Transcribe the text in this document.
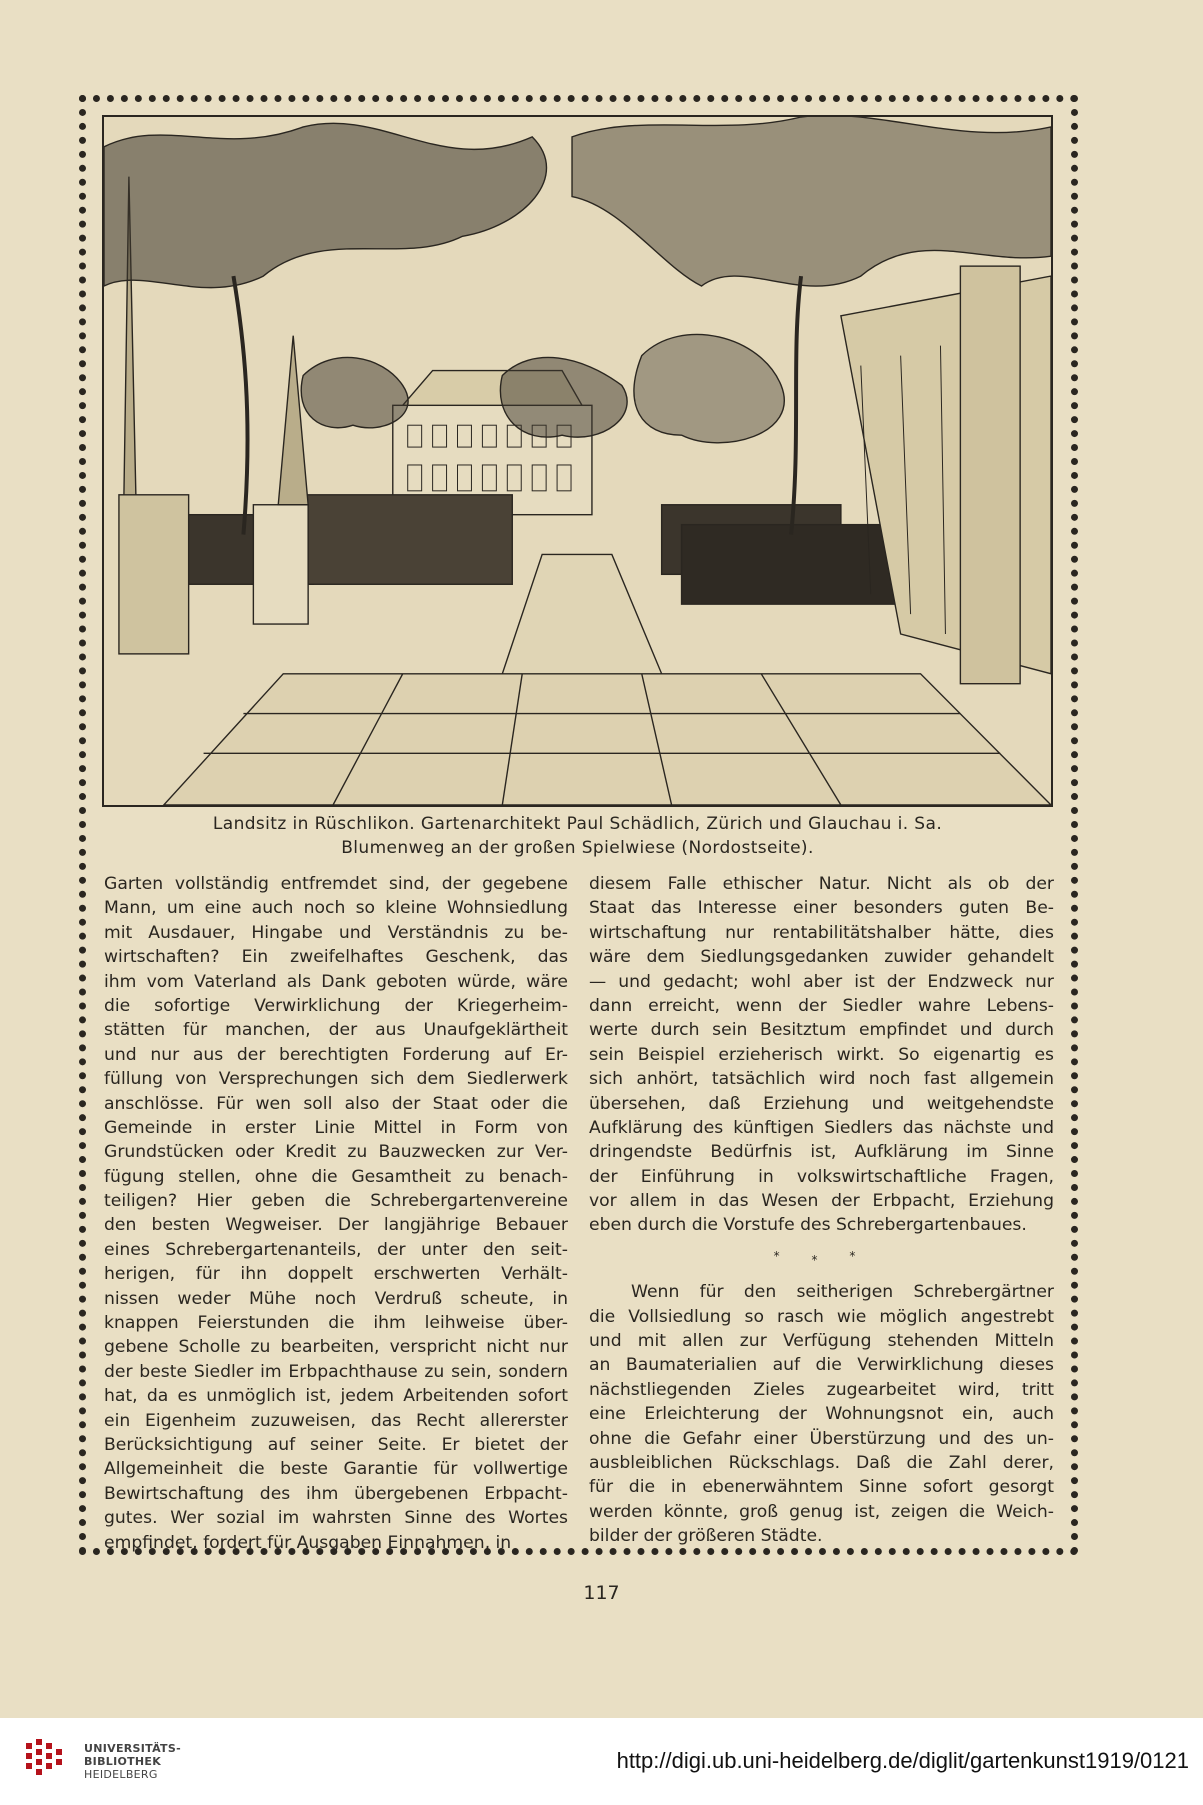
Landsitz in Rüschlikon. Gartenarchitekt Paul Schädlich, Zürich und Glauchau i. Sa.
Blumenweg an der großen Spielwiese (Nordostseite).
Garten vollständig entfremdet sind, der gegebene
Mann, um eine auch noch so kleine Wohnsiedlung
mit Ausdauer, Hingabe und Verständnis zu be-
wirtschaften? Ein zweifelhaftes Geschenk, das
ihm vom Vaterland als Dank geboten würde, wäre
die sofortige Verwirklichung der Kriegerheim-
stätten für manchen, der aus Unaufgeklärtheit
und nur aus der berechtigten Forderung auf Er-
füllung von Versprechungen sich dem Siedlerwerk
anschlösse. Für wen soll also der Staat oder die
Gemeinde in erster Linie Mittel in Form von
Grundstücken oder Kredit zu Bauzwecken zur Ver-
fügung stellen, ohne die Gesamtheit zu benach-
teiligen? Hier geben die Schrebergartenvereine
den besten Wegweiser. Der langjährige Bebauer
eines Schrebergartenanteils, der unter den seit-
herigen, für ihn doppelt erschwerten Verhält-
nissen weder Mühe noch Verdruß scheute, in
knappen Feierstunden die ihm leihweise über-
gebene Scholle zu bearbeiten, verspricht nicht nur
der beste Siedler im Erbpachthause zu sein, sondern
hat, da es unmöglich ist, jedem Arbeitenden sofort
ein Eigenheim zuzuweisen, das Recht allererster
Berücksichtigung auf seiner Seite. Er bietet der
Allgemeinheit die beste Garantie für vollwertige
Bewirtschaftung des ihm übergebenen Erbpacht-
gutes. Wer sozial im wahrsten Sinne des Wortes
empfindet, fordert für Ausgaben Einnahmen, in
diesem Falle ethischer Natur. Nicht als ob der
Staat das Interesse einer besonders guten Be-
wirtschaftung nur rentabilitätshalber hätte, dies
wäre dem Siedlungsgedanken zuwider gehandelt
— und gedacht; wohl aber ist der Endzweck nur
dann erreicht, wenn der Siedler wahre Lebens-
werte durch sein Besitztum empfindet und durch
sein Beispiel erzieherisch wirkt. So eigenartig es
sich anhört, tatsächlich wird noch fast allgemein
übersehen, daß Erziehung und weitgehendste
Aufklärung des künftigen Siedlers das nächste und
dringendste Bedürfnis ist, Aufklärung im Sinne
der Einführung in volkswirtschaftliche Fragen,
vor allem in das Wesen der Erbpacht, Erziehung
eben durch die Vorstufe des Schrebergartenbaues.
* * *
Wenn für den seitherigen Schrebergärtner
die Vollsiedlung so rasch wie möglich angestrebt
und mit allen zur Verfügung stehenden Mitteln
an Baumaterialien auf die Verwirklichung dieses
nächstliegenden Zieles zugearbeitet wird, tritt
eine Erleichterung der Wohnungsnot ein, auch
ohne die Gefahr einer Überstürzung und des un-
ausbleiblichen Rückschlags. Daß die Zahl derer,
für die in ebenerwähntem Sinne sofort gesorgt
werden könnte, groß genug ist, zeigen die Weich-
bilder der größeren Städte.
117
UNIVERSITÄTS-
BIBLIOTHEK
HEIDELBERG
http://digi.ub.uni-heidelberg.de/diglit/gartenkunst1919/0121
